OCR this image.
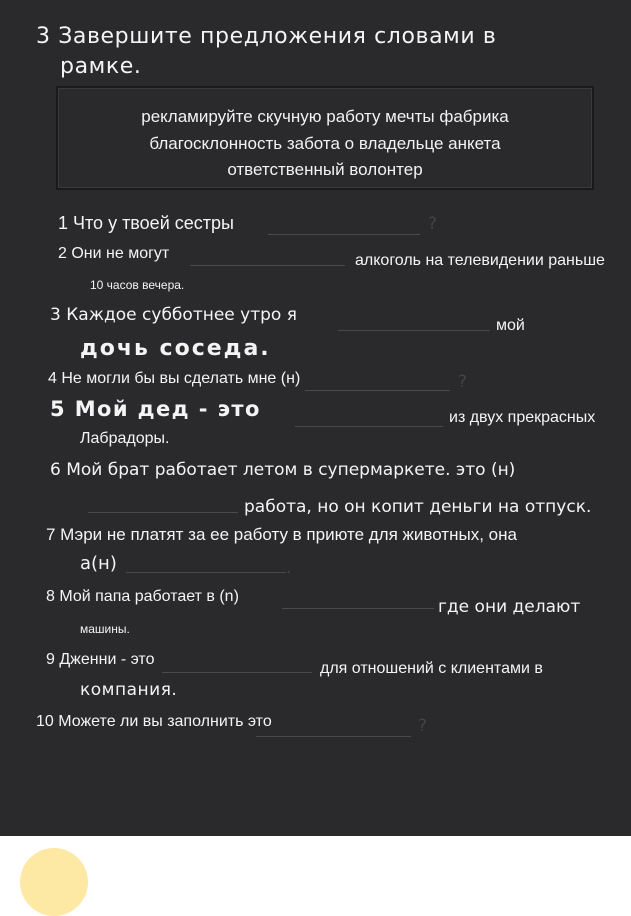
3 Завершите предложения словами в
рамке.
рекламируйте скучную работу мечты фабрика
благосклонность забота о владельце анкета
ответственный волонтер
1 Что у твоей сестры	?
2 Они не могут	алкоголь на телевидении раньше
10 часов вечера.
3 Каждое субботнее утро я
мой
дочь соседа.
4 Не могли бы вы сделать мне (н)	?
5 Мой дед - это	из двух прекрасных
Лабрадоры.
6 Мой брат работает летом в супермаркете. это (н)
работа, но он копит деньги на отпуск.
7 Мэри не платят за ее работу в приюте для животных, она
а(н)	.
8 Мой папа работает в (n)
где они делают
машины.
9 Дженни - это
для отношений с клиентами в
компания.
10 Можете ли вы заполнить это	?
